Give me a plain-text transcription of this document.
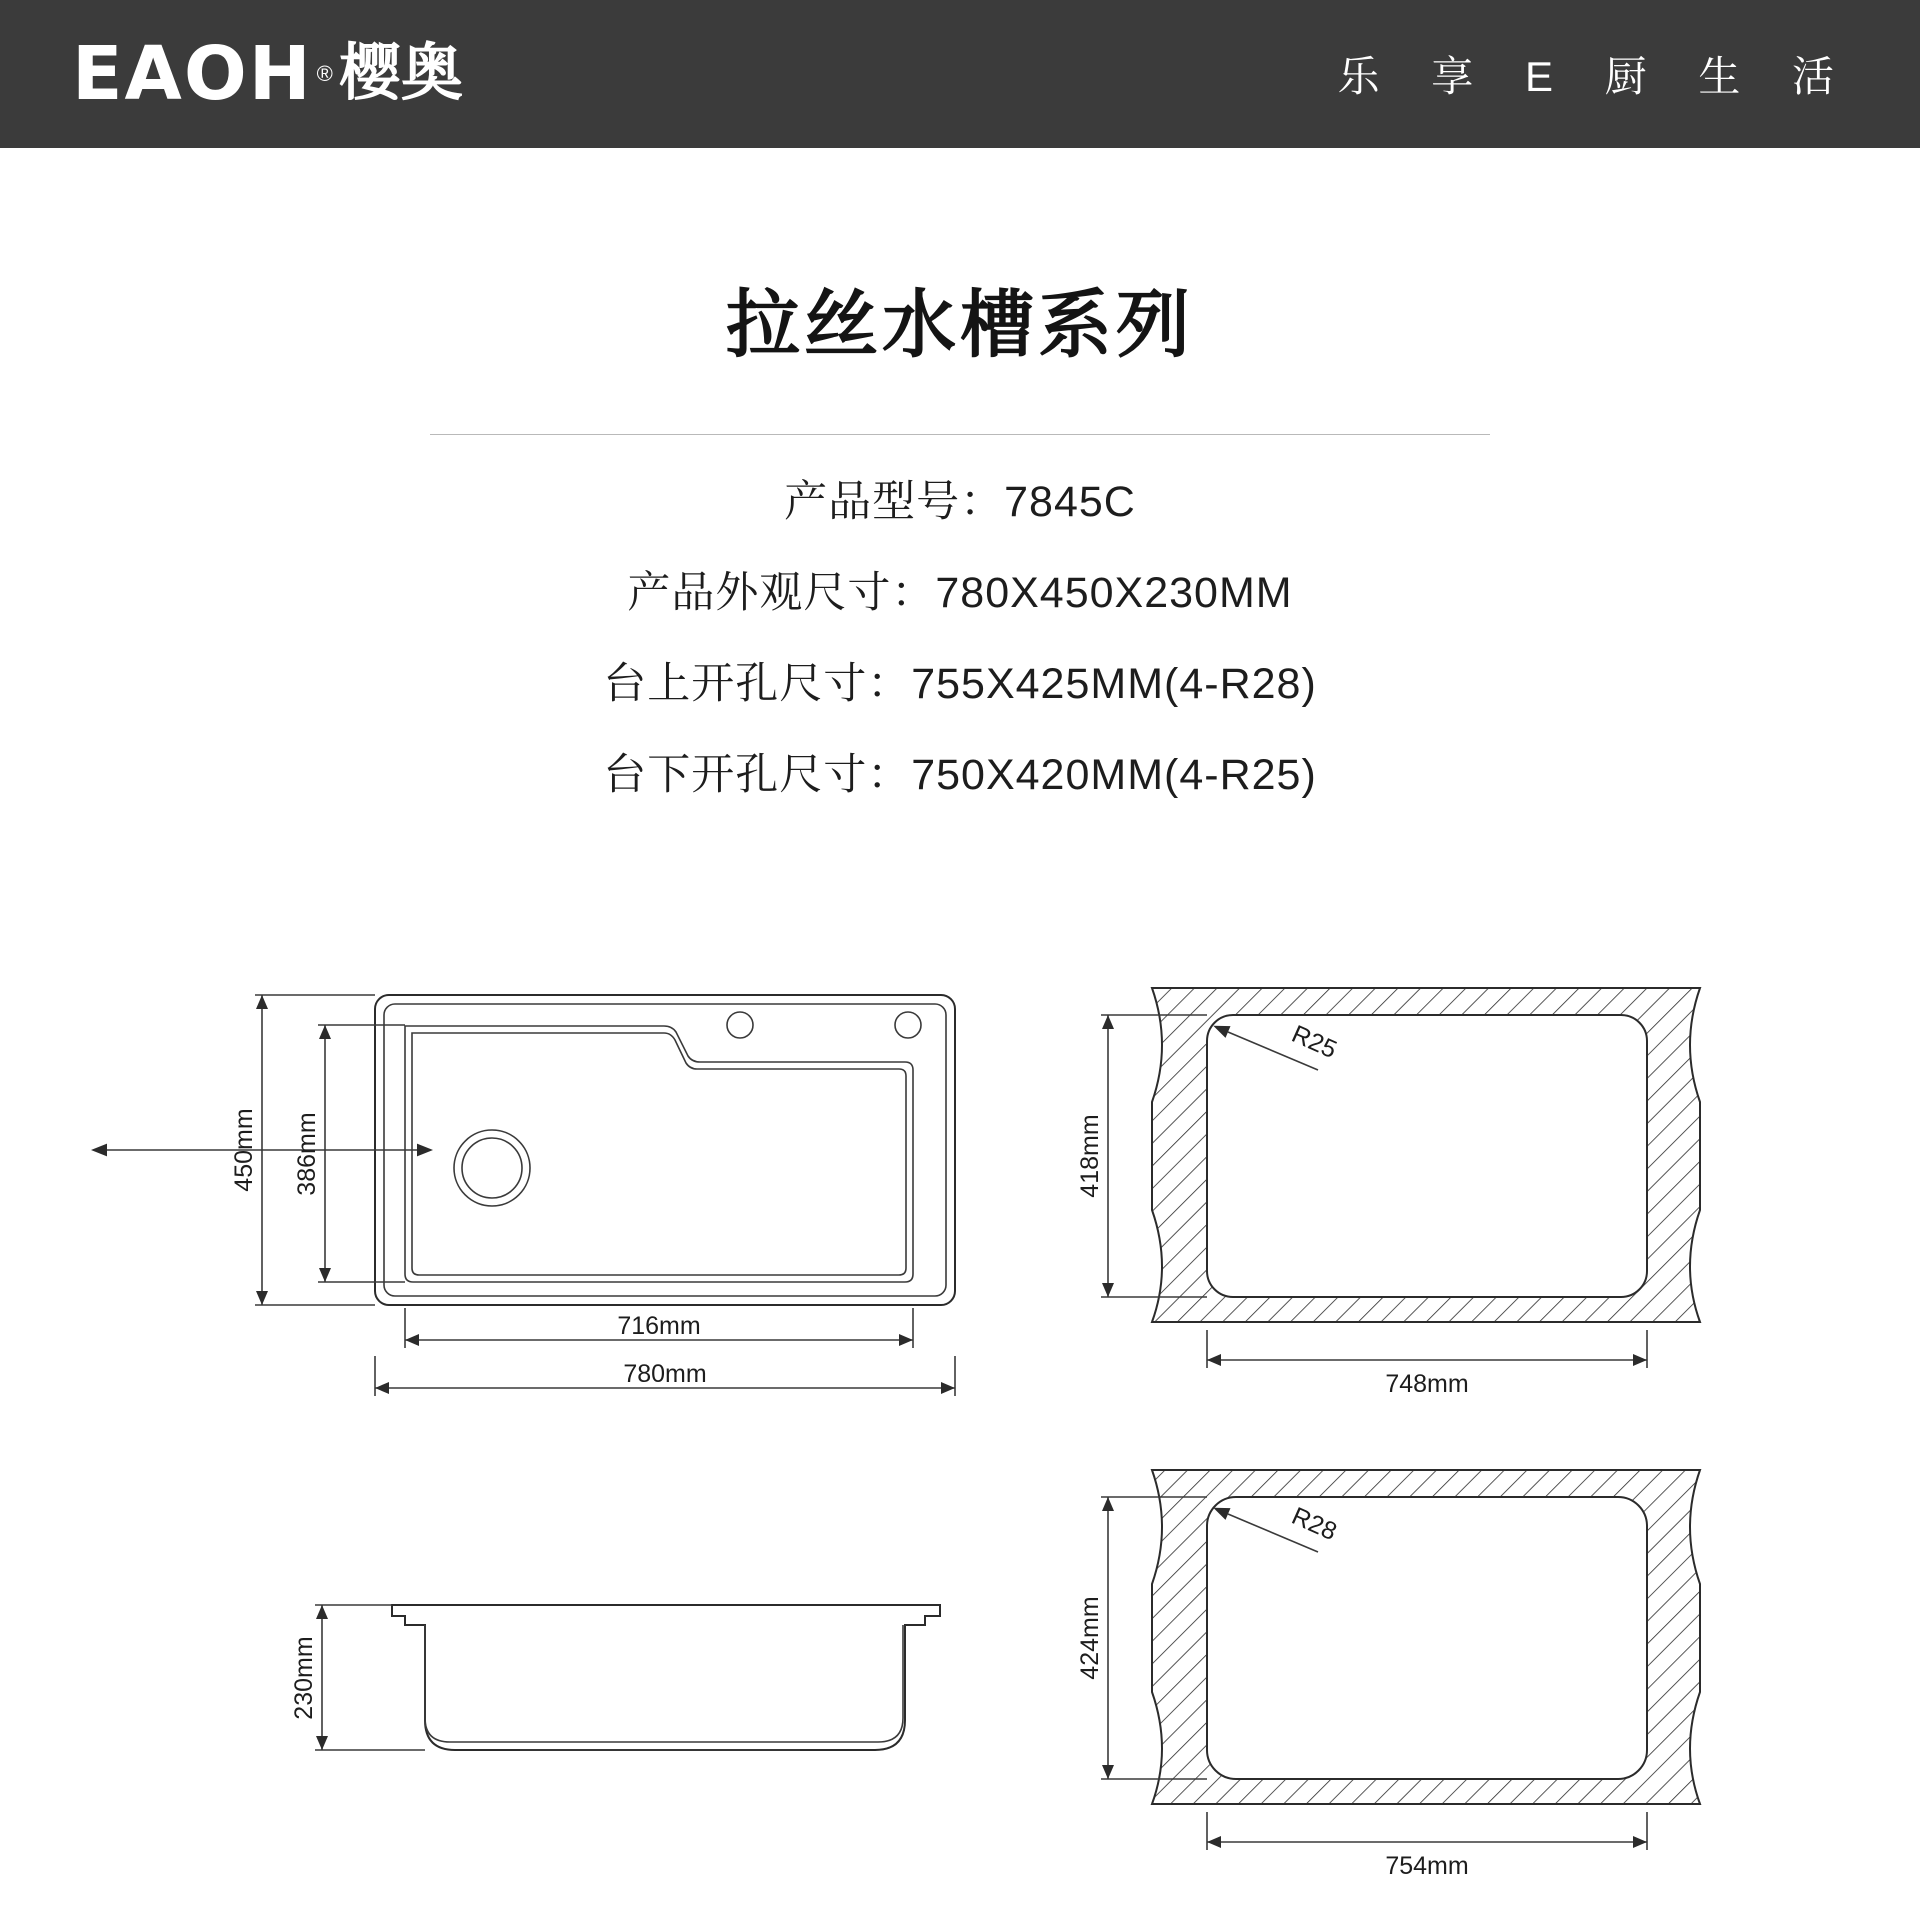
EAOH ® 樱奥	乐 享 E 厨 生 活
拉丝水槽系列

产品型号：7845C

产品外观尺寸：780X450X230MM

台上开孔尺寸：755X425MM(4-R28)

台下开孔尺寸：750X420MM(4-R25)

450mm 386mm
716mm
780mm
230mm
R25
418mm
748mm
R28
424mm
754mm
